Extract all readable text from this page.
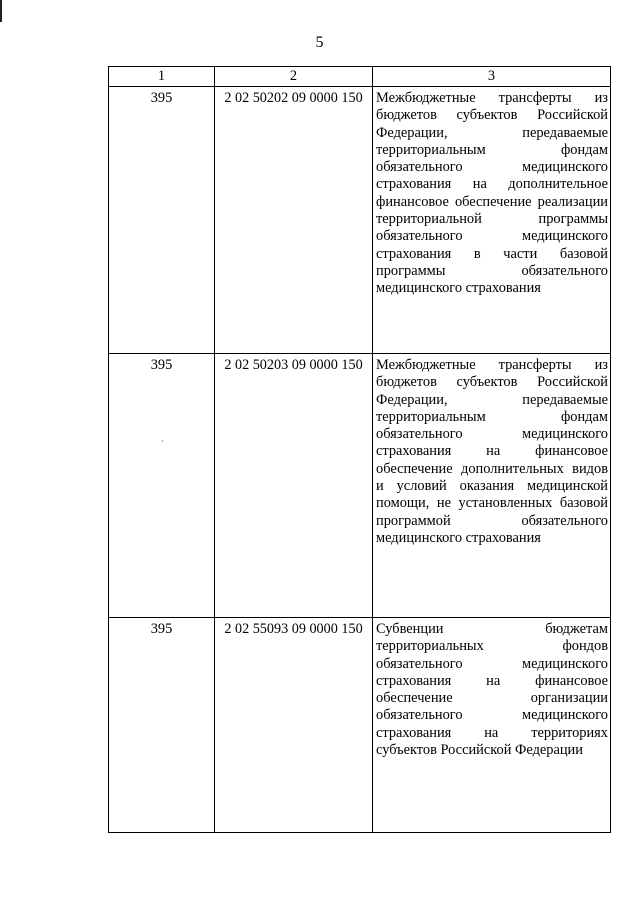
5
1	2	3
395	2 02 50202 09 0000 150	Межбюджетные трансферты из бюджетов субъектов Российской Федерации, передаваемые территориальным фондам обязательного медицинского страхования на дополнительное финансовое обеспечение реализации территориальной программы обязательного медицинского страхования в части базовой программы обязательного медицинского страхования
395	2 02 50203 09 0000 150	Межбюджетные трансферты из бюджетов субъектов Российской Федерации, передаваемые территориальным фондам обязательного медицинского страхования на финансовое обеспечение дополнительных видов и условий оказания медицинской помощи, не установленных базовой программой обязательного медицинского страхования
395	2 02 55093 09 0000 150	Субвенции бюджетам территориальных фондов обязательного медицинского страхования на финансовое обеспечение организации обязательного медицинского страхования на территориях субъектов Российской Федерации
`
